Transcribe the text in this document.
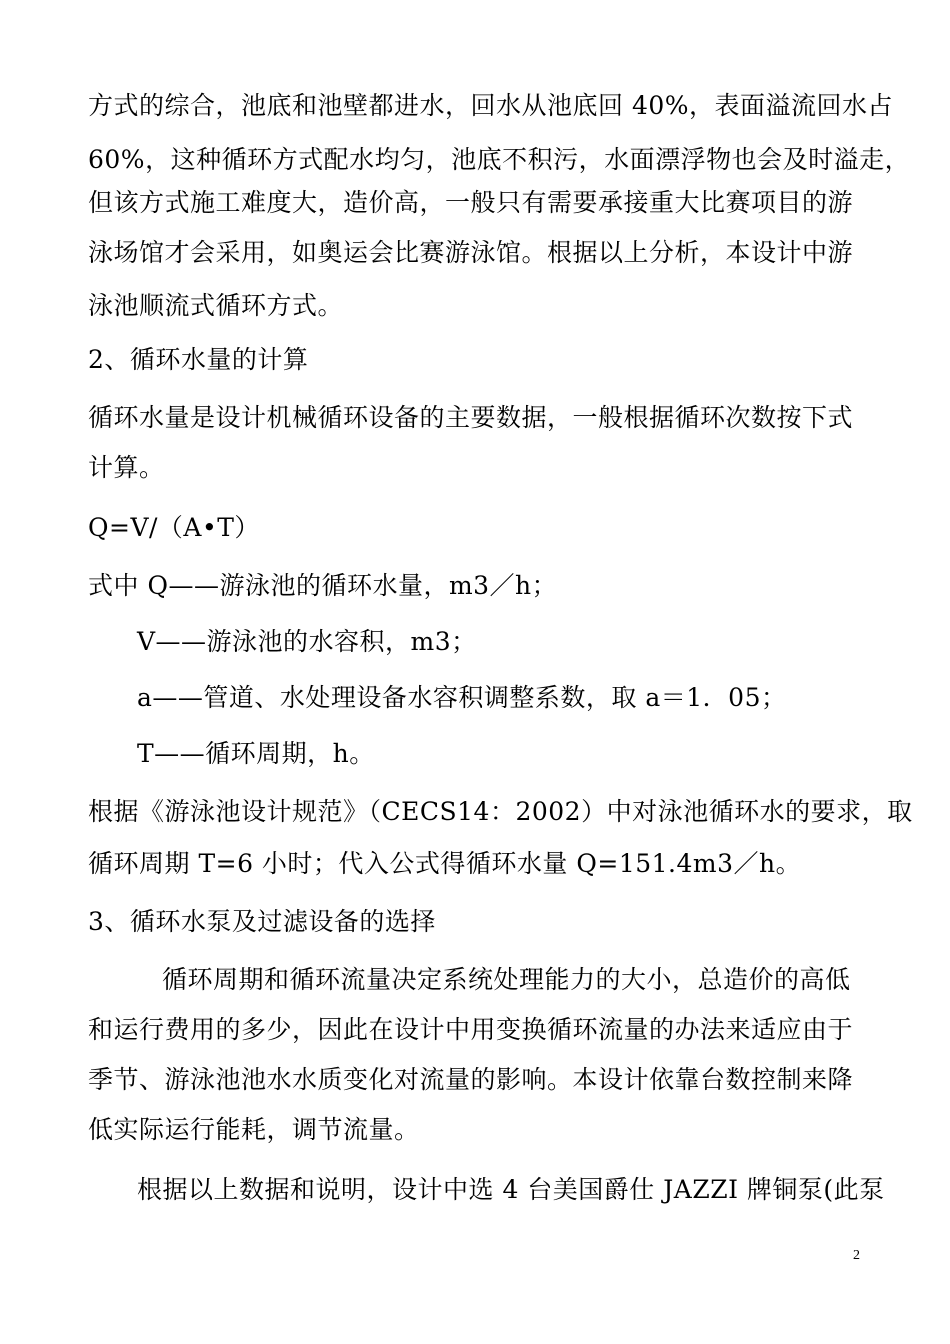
方式的综合，池底和池壁都进水，回水从池底回 40%，表面溢流回水占
60%，这种循环方式配水均匀，池底不积污，水面漂浮物也会及时溢走，
但该方式施工难度大，造价高，一般只有需要承接重大比赛项目的游
泳场馆才会采用，如奥运会比赛游泳馆。根据以上分析，本设计中游
泳池顺流式循环方式。
2、循环水量的计算
循环水量是设计机械循环设备的主要数据，一般根据循环次数按下式
计算。
Q=V/（A•T）
式中 Q——游泳池的循环水量，m3／h；
V——游泳池的水容积，m3；
a——管道、水处理设备水容积调整系数，取 a＝1．05；
T——循环周期，h。
根据《游泳池设计规范》（CECS14：2002）中对泳池循环水的要求，取
循环周期 T=6 小时；代入公式得循环水量 Q=151.4m3／h。
3、循环水泵及过滤设备的选择
循环周期和循环流量决定系统处理能力的大小，总造价的高低
和运行费用的多少，因此在设计中用变换循环流量的办法来适应由于
季节、游泳池池水水质变化对流量的影响。本设计依靠台数控制来降
低实际运行能耗，调节流量。
根据以上数据和说明，设计中选 4 台美国爵仕 JAZZI 牌铜泵(此泵
2
